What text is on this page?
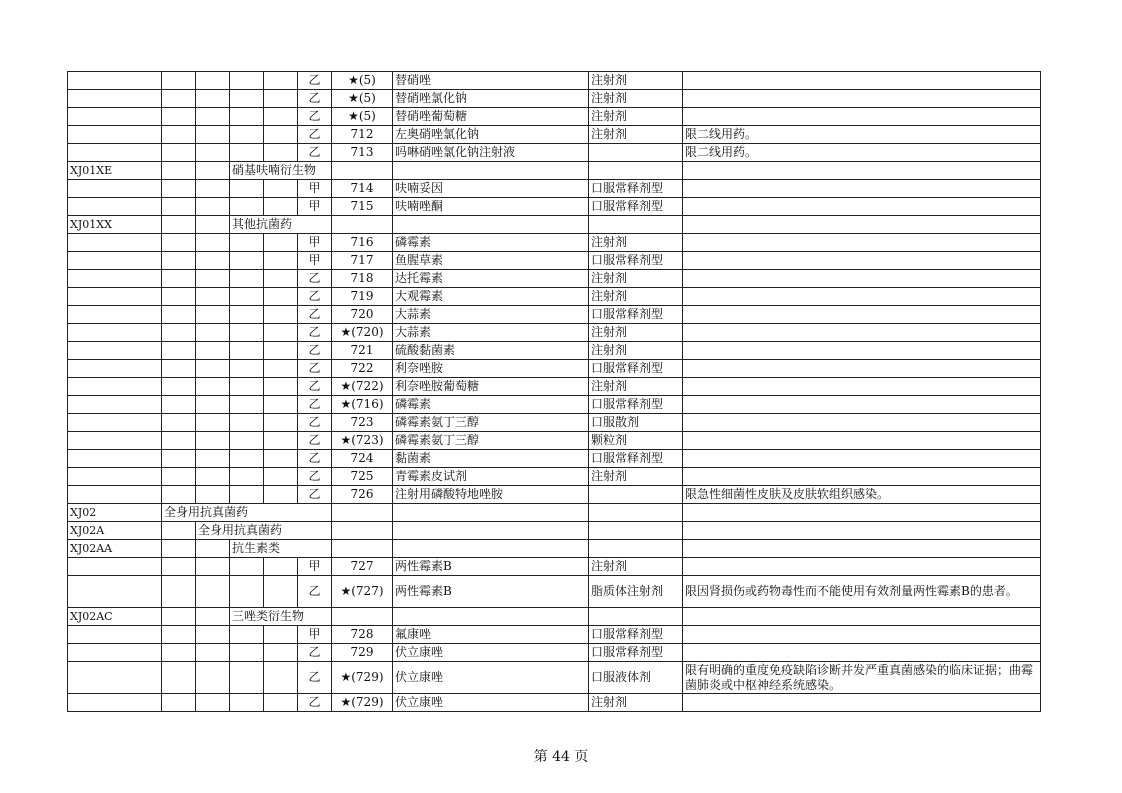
					乙	★(5)	替硝唑	注射剂	
					乙	★(5)	替硝唑氯化钠	注射剂	
					乙	★(5)	替硝唑葡萄糖	注射剂	
					乙	712	左奥硝唑氯化钠	注射剂	限二线用药。
					乙	713	吗啉硝唑氯化钠注射液		限二线用药。
XJ01XE			硝基呋喃衍生物						
					甲	714	呋喃妥因	口服常释剂型	
					甲	715	呋喃唑酮	口服常释剂型	
XJ01XX			其他抗菌药						
					甲	716	磷霉素	注射剂	
					甲	717	鱼腥草素	口服常释剂型	
					乙	718	达托霉素	注射剂	
					乙	719	大观霉素	注射剂	
					乙	720	大蒜素	口服常释剂型	
					乙	★(720)	大蒜素	注射剂	
					乙	721	硫酸黏菌素	注射剂	
					乙	722	利奈唑胺	口服常释剂型	
					乙	★(722)	利奈唑胺葡萄糖	注射剂	
					乙	★(716)	磷霉素	口服常释剂型	
					乙	723	磷霉素氨丁三醇	口服散剂	
					乙	★(723)	磷霉素氨丁三醇	颗粒剂	
					乙	724	黏菌素	口服常释剂型	
					乙	725	青霉素皮试剂	注射剂	
					乙	726	注射用磷酸特地唑胺		限急性细菌性皮肤及皮肤软组织感染。
XJ02	全身用抗真菌药								
XJ02A		全身用抗真菌药							
XJ02AA			抗生素类						
					甲	727	两性霉素B	注射剂	
					乙	★(727)	两性霉素B	脂质体注射剂	限因肾损伤或药物毒性而不能使用有效剂量两性霉素B的患者。
XJ02AC			三唑类衍生物						
					甲	728	氟康唑	口服常释剂型	
					乙	729	伏立康唑	口服常释剂型	
					乙	★(729)	伏立康唑	口服液体剂	限有明确的重度免疫缺陷诊断并发严重真菌感染的临床证据；曲霉菌肺炎或中枢神经系统感染。
					乙	★(729)	伏立康唑	注射剂	
第 44 页
